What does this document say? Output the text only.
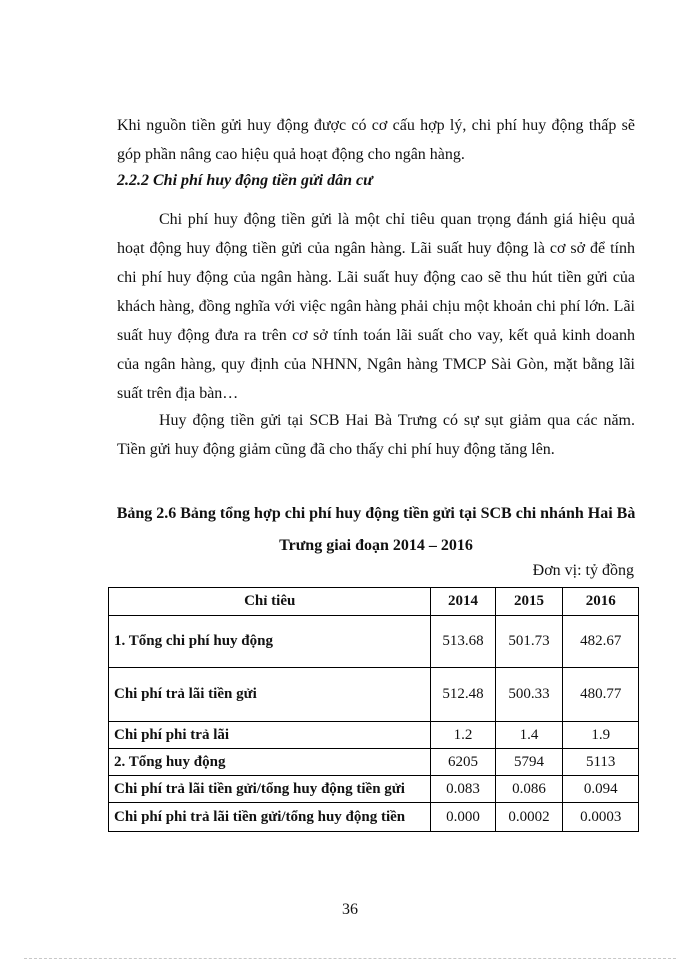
Khi nguồn tiền gửi huy động được có cơ cấu hợp lý, chi phí huy động thấp sẽ góp phần nâng cao hiệu quả hoạt động cho ngân hàng.

2.2.2 Chi phí huy động tiền gửi dân cư

Chi phí huy động tiền gửi là một chỉ tiêu quan trọng đánh giá hiệu quả hoạt động huy động tiền gửi của ngân hàng. Lãi suất huy động là cơ sở để tính chi phí huy động của ngân hàng. Lãi suất huy động cao sẽ thu hút tiền gửi của khách hàng, đồng nghĩa với việc ngân hàng phải chịu một khoản chi phí lớn. Lãi suất huy động đưa ra trên cơ sở tính toán lãi suất cho vay, kết quả kinh doanh của ngân hàng, quy định của NHNN, Ngân hàng TMCP Sài Gòn, mặt bằng lãi suất trên địa bàn…

Huy động tiền gửi tại SCB Hai Bà Trưng có sự sụt giảm qua các năm. Tiền gửi huy động giảm cũng đã cho thấy chi phí huy động tăng lên.

Bảng 2.6 Bảng tổng hợp chi phí huy động tiền gửi tại SCB chi nhánh Hai Bà Trưng giai đoạn 2014 – 2016

Đơn vị: tỷ đồng
Chỉ tiêu	2014	2015	2016
1. Tổng chi phí huy động	513.68	501.73	482.67
Chi phí trả lãi tiền gửi	512.48	500.33	480.77
Chi phí phi trả lãi	1.2	1.4	1.9
2. Tổng huy động	6205	5794	5113
Chi phí trả lãi tiền gửi/tổng huy động tiền gửi	0.083	0.086	0.094
Chi phí phi trả lãi tiền gửi/tổng huy động tiền	0.000	0.0002	0.0003
36
